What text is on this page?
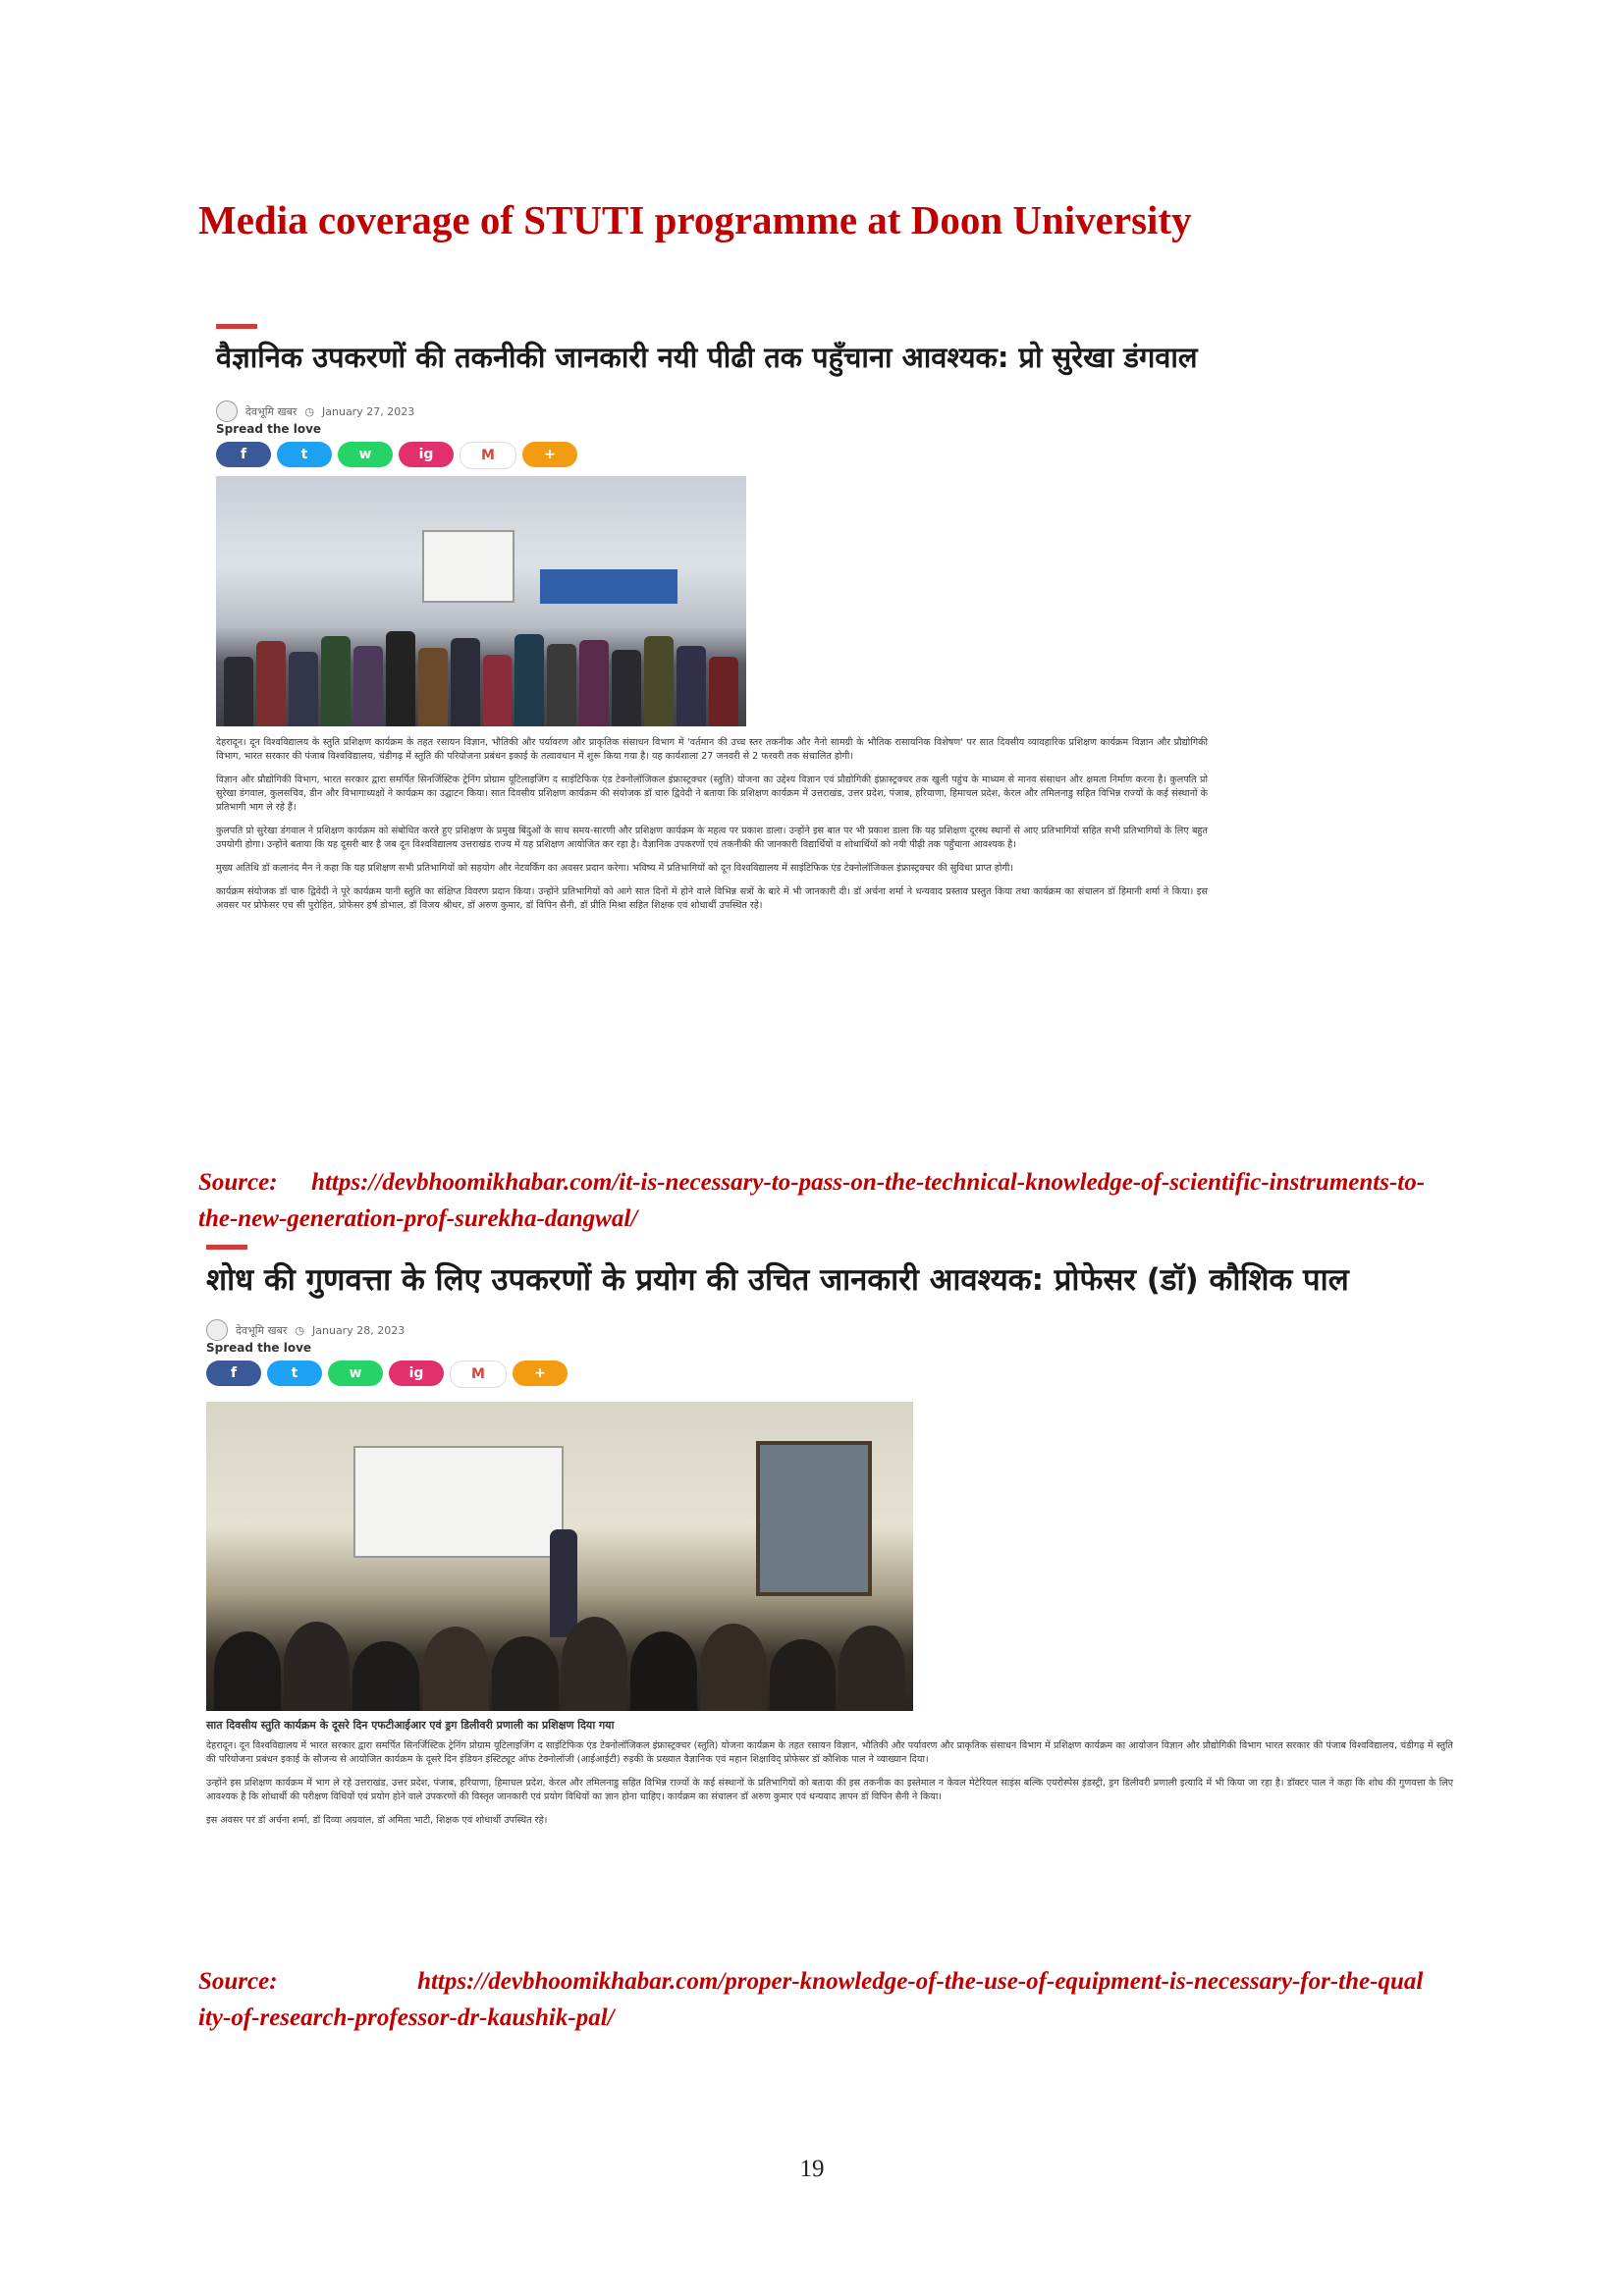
Media coverage of STUTI programme at Doon University
वैज्ञानिक उपकरणों की तकनीकी जानकारी नयी पीढी तक पहुँचाना आवश्यक: प्रो सुरेखा डंगवाल
देवभूमि खबर ◷ January 27, 2023
Spread the love
f	t	w	ig	M	+

देहरादून। दून विश्वविद्यालय के स्तुति प्रशिक्षण कार्यक्रम के तहत रसायन विज्ञान, भौतिकी और पर्यावरण और प्राकृतिक संसाधन विभाग में 'वर्तमान की उच्च स्तर तकनीक और नैनो सामग्री के भौतिक रासायनिक विशेषण' पर सात दिवसीय व्यावहारिक प्रशिक्षण कार्यक्रम विज्ञान और प्रौद्योगिकी विभाग, भारत सरकार की पंजाब विश्वविद्यालय, चंडीगढ़ में स्तुति की परियोजना प्रबंधन इकाई के तत्वावधान में शुरू किया गया है। यह कार्यशाला 27 जनवरी से 2 फरवरी तक संचालित होगी।

विज्ञान और प्रौद्योगिकी विभाग, भारत सरकार द्वारा समर्पित सिनर्जिस्टिक ट्रेनिंग प्रोग्राम यूटिलाइजिंग द साइंटिफिक एंड टेक्नोलॉजिकल इंफ्रास्ट्रक्चर (स्तुति) योजना का उद्देश्य विज्ञान एवं प्रौद्योगिकी इंफ्रास्ट्रक्चर तक खुली पहुंच के माध्यम से मानव संसाधन और क्षमता निर्माण करना है। कुलपति प्रो सुरेखा डंगवाल, कुलसचिव, डीन और विभागाध्यक्षों ने कार्यक्रम का उद्घाटन किया। सात दिवसीय प्रशिक्षण कार्यक्रम की संयोजक डॉ चारु द्विवेदी ने बताया कि प्रशिक्षण कार्यक्रम में उत्तराखंड, उत्तर प्रदेश, पंजाब, हरियाणा, हिमाचल प्रदेश, केरल और तमिलनाडु सहित विभिन्न राज्यों के कई संस्थानों के प्रतिभागी भाग ले रहे हैं।

कुलपति प्रो सुरेखा डंगवाल ने प्रशिक्षण कार्यक्रम को संबोधित करते हुए प्रशिक्षण के प्रमुख बिंदुओं के साथ समय-सारणी और प्रशिक्षण कार्यक्रम के महत्व पर प्रकाश डाला। उन्होंने इस बात पर भी प्रकाश डाला कि यह प्रशिक्षण दूरस्थ स्थानों से आए प्रतिभागियों सहित सभी प्रतिभागियों के लिए बहुत उपयोगी होगा। उन्होंने बताया कि यह दूसरी बार है जब दून विश्वविद्यालय उत्तराखंड राज्य में यह प्रशिक्षण आयोजित कर रहा है। वैज्ञानिक उपकरणों एवं तकनीकी की जानकारी विद्यार्थियों व शोधार्थियों को नयी पीढ़ी तक पहुँचाना आवश्यक है।

मुख्य अतिथि डॉ कलानंद मैन ने कहा कि यह प्रशिक्षण सभी प्रतिभागियों को सहयोग और नेटवर्किंग का अवसर प्रदान करेगा। भविष्य में प्रतिभागियों को दून विश्वविद्यालय में साइंटिफिक एंड टेक्नोलॉजिकल इंफ्रास्ट्रक्चर की सुविधा प्राप्त होगी।

कार्यक्रम संयोजक डॉ चारु द्विवेदी ने पूरे कार्यक्रम यानी स्तुति का संक्षिप्त विवरण प्रदान किया। उन्होंने प्रतिभागियों को आगे सात दिनों में होने वाले विभिन्न सत्रों के बारे में भी जानकारी दी। डॉ अर्चना शर्मा ने धन्यवाद प्रस्ताव प्रस्तुत किया तथा कार्यक्रम का संचालन डॉ हिमानी शर्मा ने किया। इस अवसर पर प्रोफेसर एच सी पुरोहित, प्रोफेसर हर्ष डोभाल, डॉ विजय श्रीधर, डॉ अरुण कुमार, डॉ विपिन सैनी, डॉ प्रीति मिश्रा सहित शिक्षक एवं शोधार्थी उपस्थित रहे।

Source: https://devbhoomikhabar.com/it-is-necessary-to-pass-on-the-technical-knowledge-of-scientific-instruments-to-the-new-generation-prof-surekha-dangwal/
शोध की गुणवत्ता के लिए उपकरणों के प्रयोग की उचित जानकारी आवश्यक: प्रोफेसर (डॉ) कौशिक पाल
देवभूमि खबर ◷ January 28, 2023
Spread the love
f	t	w	ig	M	+
सात दिवसीय स्तुति कार्यक्रम के दूसरे दिन एफटीआईआर एवं ड्रग डिलीवरी प्रणाली का प्रशिक्षण दिया गया

देहरादून। दून विश्वविद्यालय में भारत सरकार द्वारा समर्पित सिनर्जिस्टिक ट्रेनिंग प्रोग्राम यूटिलाइजिंग द साइंटिफिक एंड टेक्नोलॉजिकल इंफ्रास्ट्रक्चर (स्तुति) योजना कार्यक्रम के तहत रसायन विज्ञान, भौतिकी और पर्यावरण और प्राकृतिक संसाधन विभाग में प्रशिक्षण कार्यक्रम का आयोजन विज्ञान और प्रौद्योगिकी विभाग भारत सरकार की पंजाब विश्वविद्यालय, चंडीगढ़ में स्तुति की परियोजना प्रबंधन इकाई के सौजन्य से आयोजित कार्यक्रम के दूसरे दिन इंडियन इंस्टिट्यूट ऑफ टेक्नोलॉजी (आईआईटी) रुड़की के प्रख्यात वैज्ञानिक एवं महान शिक्षाविद् प्रोफेसर डॉ कौशिक पाल ने व्याख्यान दिया।

उन्होंने इस प्रशिक्षण कार्यक्रम में भाग ले रहे उत्तराखंड, उत्तर प्रदेश, पंजाब, हरियाणा, हिमाचल प्रदेश, केरल और तमिलनाडु सहित विभिन्न राज्यों के कई संस्थानों के प्रतिभागियों को बताया की इस तकनीक का इस्तेमाल न केवल मेटेरियल साइंस बल्कि एयरोस्पेस इंडस्ट्री, ड्रग डिलीवरी प्रणाली इत्यादि में भी किया जा रहा है। डॉक्टर पाल ने कहा कि शोध की गुणवत्ता के लिए आवश्यक है कि शोधार्थी की परीक्षण विधियों एवं प्रयोग होने वाले उपकरणों की विस्तृत जानकारी एवं प्रयोग विधियों का ज्ञान होना चाहिए। कार्यक्रम का संचालन डॉ अरुण कुमार एवं धन्यवाद ज्ञापन डॉ विपिन सैनी ने किया।

इस अवसर पर डॉ अर्चना शर्मा, डॉ दिव्या अग्रवाल, डॉ अमिता भाटी, शिक्षक एवं शोधार्थी उपस्थित रहे।

Source:	https://devbhoomikhabar.com/proper-knowledge-of-the-use-of-equipment-is-necessary-for-the-quality-of-research-professor-dr-kaushik-pal/
19
